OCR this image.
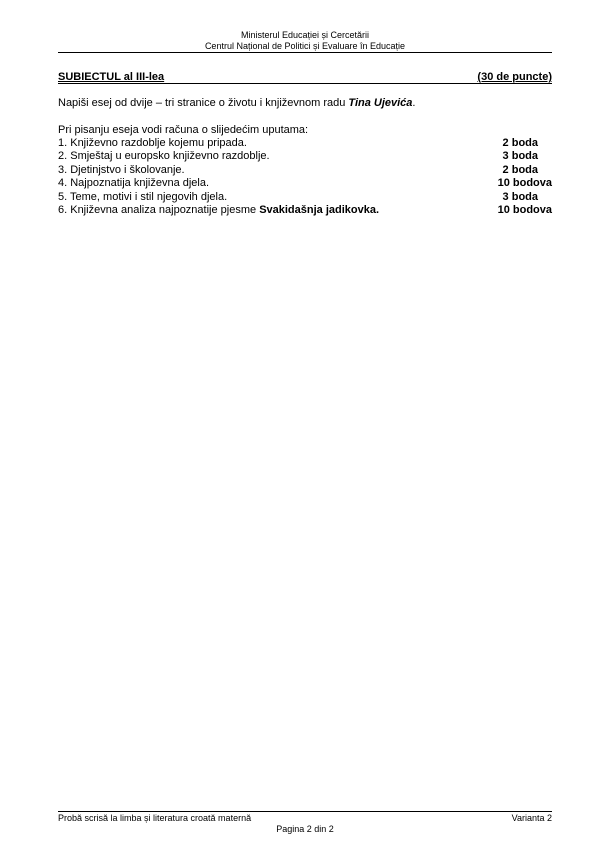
Ministerul Educației și Cercetării
Centrul Național de Politici și Evaluare în Educație
SUBIECTUL al III-lea	(30 de puncte)
Napiši esej od dvije – tri stranice o životu i književnom radu Tina Ujevića.
Pri pisanju eseja vodi računa o slijedećim uputama:
1. Književno razdoblje kojemu pripada.	2 boda
2. Smještaj u europsko književno razdoblje.	3 boda
3. Djetinjstvo i školovanje.	2 boda
4. Najpoznatija književna djela.	10 bodova
5. Teme, motivi i stil njegovih djela.	3 boda
6. Književna analiza najpoznatije pjesme Svakidašnja jadikovka.	10 bodova
Probă scrisă la limba și literatura croată maternă	Varianta 2
Pagina 2 din 2
